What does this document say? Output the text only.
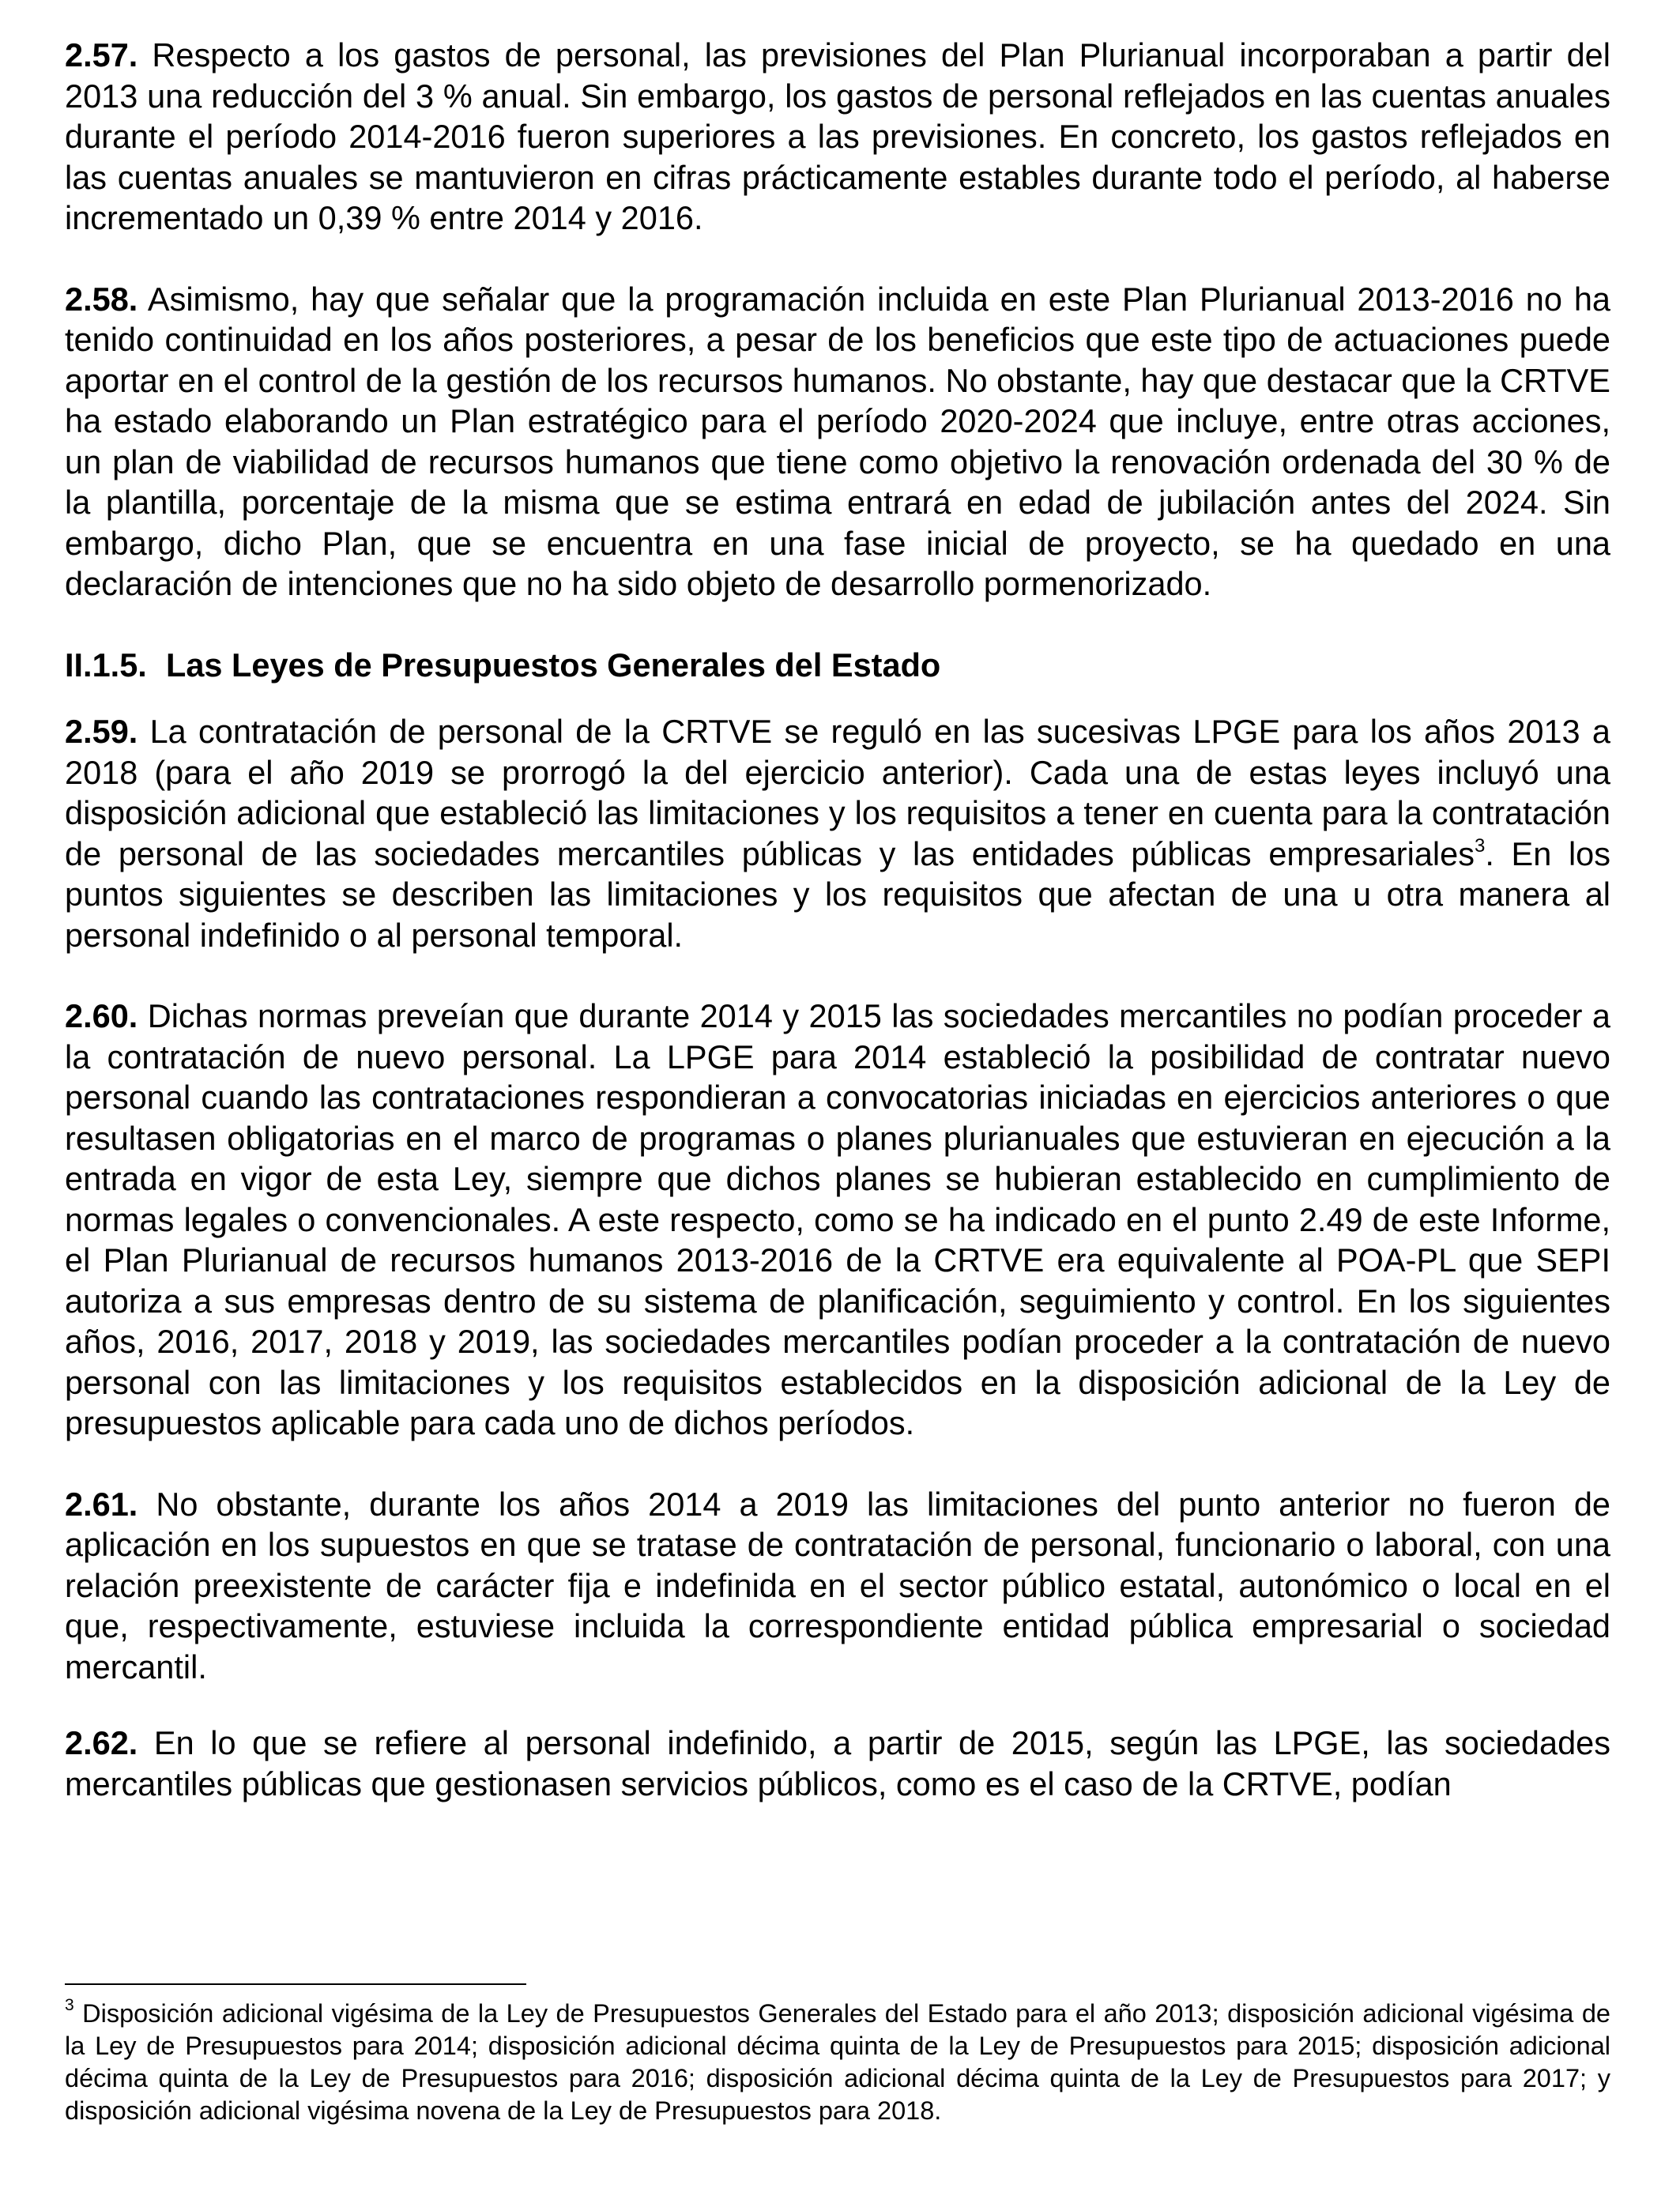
2.57. Respecto a los gastos de personal, las previsiones del Plan Plurianual incorporaban a partir del 2013 una reducción del 3 % anual. Sin embargo, los gastos de personal reflejados en las cuentas anuales durante el período 2014-2016 fueron superiores a las previsiones. En concreto, los gastos reflejados en las cuentas anuales se mantuvieron en cifras prácticamente estables durante todo el período, al haberse incrementado un 0,39 % entre 2014 y 2016.

2.58. Asimismo, hay que señalar que la programación incluida en este Plan Plurianual 2013-2016 no ha tenido continuidad en los años posteriores, a pesar de los beneficios que este tipo de actuaciones puede aportar en el control de la gestión de los recursos humanos. No obstante, hay que destacar que la CRTVE ha estado elaborando un Plan estratégico para el período 2020-2024 que incluye, entre otras acciones, un plan de viabilidad de recursos humanos que tiene como objetivo la renovación ordenada del 30 % de la plantilla, porcentaje de la misma que se estima entrará en edad de jubilación antes del 2024. Sin embargo, dicho Plan, que se encuentra en una fase inicial de proyecto, se ha quedado en una declaración de intenciones que no ha sido objeto de desarrollo pormenorizado.

II.1.5. Las Leyes de Presupuestos Generales del Estado

2.59. La contratación de personal de la CRTVE se reguló en las sucesivas LPGE para los años 2013 a 2018 (para el año 2019 se prorrogó la del ejercicio anterior). Cada una de estas leyes incluyó una disposición adicional que estableció las limitaciones y los requisitos a tener en cuenta para la contratación de personal de las sociedades mercantiles públicas y las entidades públicas empresariales$^3$. En los puntos siguientes se describen las limitaciones y los requisitos que afectan de una u otra manera al personal indefinido o al personal temporal.

2.60. Dichas normas preveían que durante 2014 y 2015 las sociedades mercantiles no podían proceder a la contratación de nuevo personal. La LPGE para 2014 estableció la posibilidad de contratar nuevo personal cuando las contrataciones respondieran a convocatorias iniciadas en ejercicios anteriores o que resultasen obligatorias en el marco de programas o planes plurianuales que estuvieran en ejecución a la entrada en vigor de esta Ley, siempre que dichos planes se hubieran establecido en cumplimiento de normas legales o convencionales. A este respecto, como se ha indicado en el punto 2.49 de este Informe, el Plan Plurianual de recursos humanos 2013-2016 de la CRTVE era equivalente al POA-PL que SEPI autoriza a sus empresas dentro de su sistema de planificación, seguimiento y control. En los siguientes años, 2016, 2017, 2018 y 2019, las sociedades mercantiles podían proceder a la contratación de nuevo personal con las limitaciones y los requisitos establecidos en la disposición adicional de la Ley de presupuestos aplicable para cada uno de dichos períodos.

2.61. No obstante, durante los años 2014 a 2019 las limitaciones del punto anterior no fueron de aplicación en los supuestos en que se tratase de contratación de personal, funcionario o laboral, con una relación preexistente de carácter fija e indefinida en el sector público estatal, autonómico o local en el que, respectivamente, estuviese incluida la correspondiente entidad pública empresarial o sociedad mercantil.

2.62. En lo que se refiere al personal indefinido, a partir de 2015, según las LPGE, las sociedades mercantiles públicas que gestionasen servicios públicos, como es el caso de la CRTVE, podían

$^3$ Disposición adicional vigésima de la Ley de Presupuestos Generales del Estado para el año 2013; disposición adicional vigésima de la Ley de Presupuestos para 2014; disposición adicional décima quinta de la Ley de Presupuestos para 2015; disposición adicional décima quinta de la Ley de Presupuestos para 2016; disposición adicional décima quinta de la Ley de Presupuestos para 2017; y disposición adicional vigésima novena de la Ley de Presupuestos para 2018.
